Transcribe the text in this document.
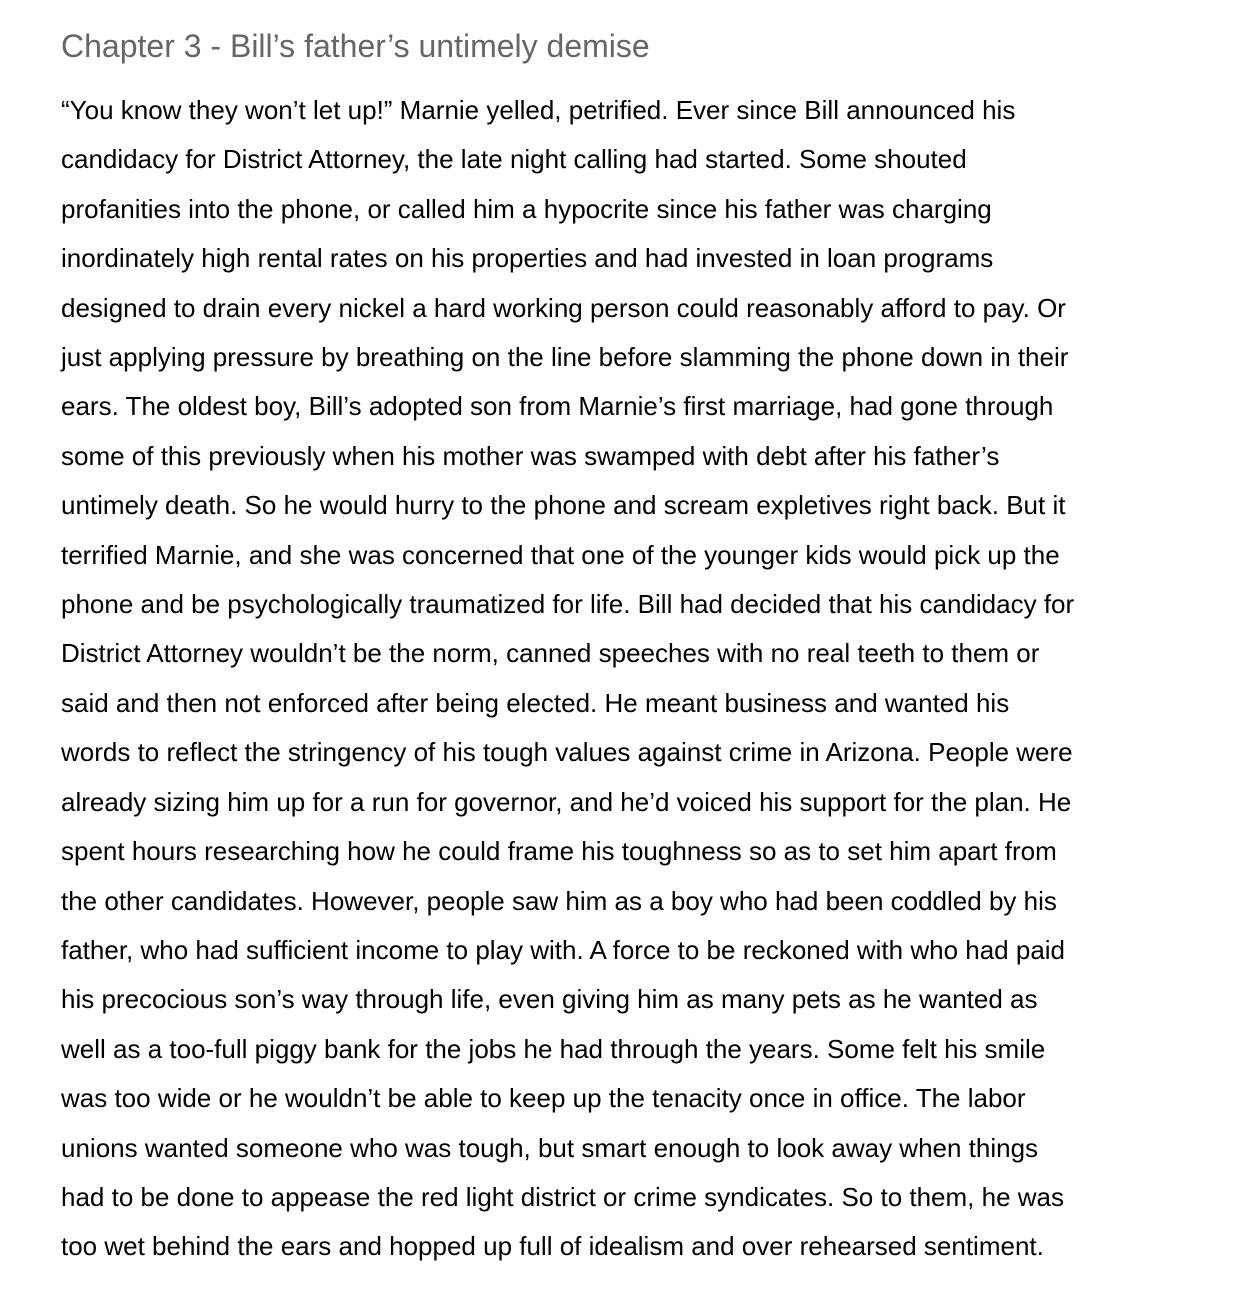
Chapter 3 - Bill’s father’s untimely demise
“You know they won’t let up!” Marnie yelled, petrified. Ever since Bill announced his
candidacy for District Attorney, the late night calling had started. Some shouted
profanities into the phone, or called him a hypocrite since his father was charging
inordinately high rental rates on his properties and had invested in loan programs
designed to drain every nickel a hard working person could reasonably afford to pay. Or
just applying pressure by breathing on the line before slamming the phone down in their
ears. The oldest boy, Bill’s adopted son from Marnie’s first marriage, had gone through
some of this previously when his mother was swamped with debt after his father’s
untimely death. So he would hurry to the phone and scream expletives right back. But it
terrified Marnie, and she was concerned that one of the younger kids would pick up the
phone and be psychologically traumatized for life. Bill had decided that his candidacy for
District Attorney wouldn’t be the norm, canned speeches with no real teeth to them or
said and then not enforced after being elected. He meant business and wanted his
words to reflect the stringency of his tough values against crime in Arizona. People were
already sizing him up for a run for governor, and he’d voiced his support for the plan. He
spent hours researching how he could frame his toughness so as to set him apart from
the other candidates. However, people saw him as a boy who had been coddled by his
father, who had sufficient income to play with. A force to be reckoned with who had paid
his precocious son’s way through life, even giving him as many pets as he wanted as
well as a too-full piggy bank for the jobs he had through the years. Some felt his smile
was too wide or he wouldn’t be able to keep up the tenacity once in office. The labor
unions wanted someone who was tough, but smart enough to look away when things
had to be done to appease the red light district or crime syndicates. So to them, he was
too wet behind the ears and hopped up full of idealism and over rehearsed sentiment.
